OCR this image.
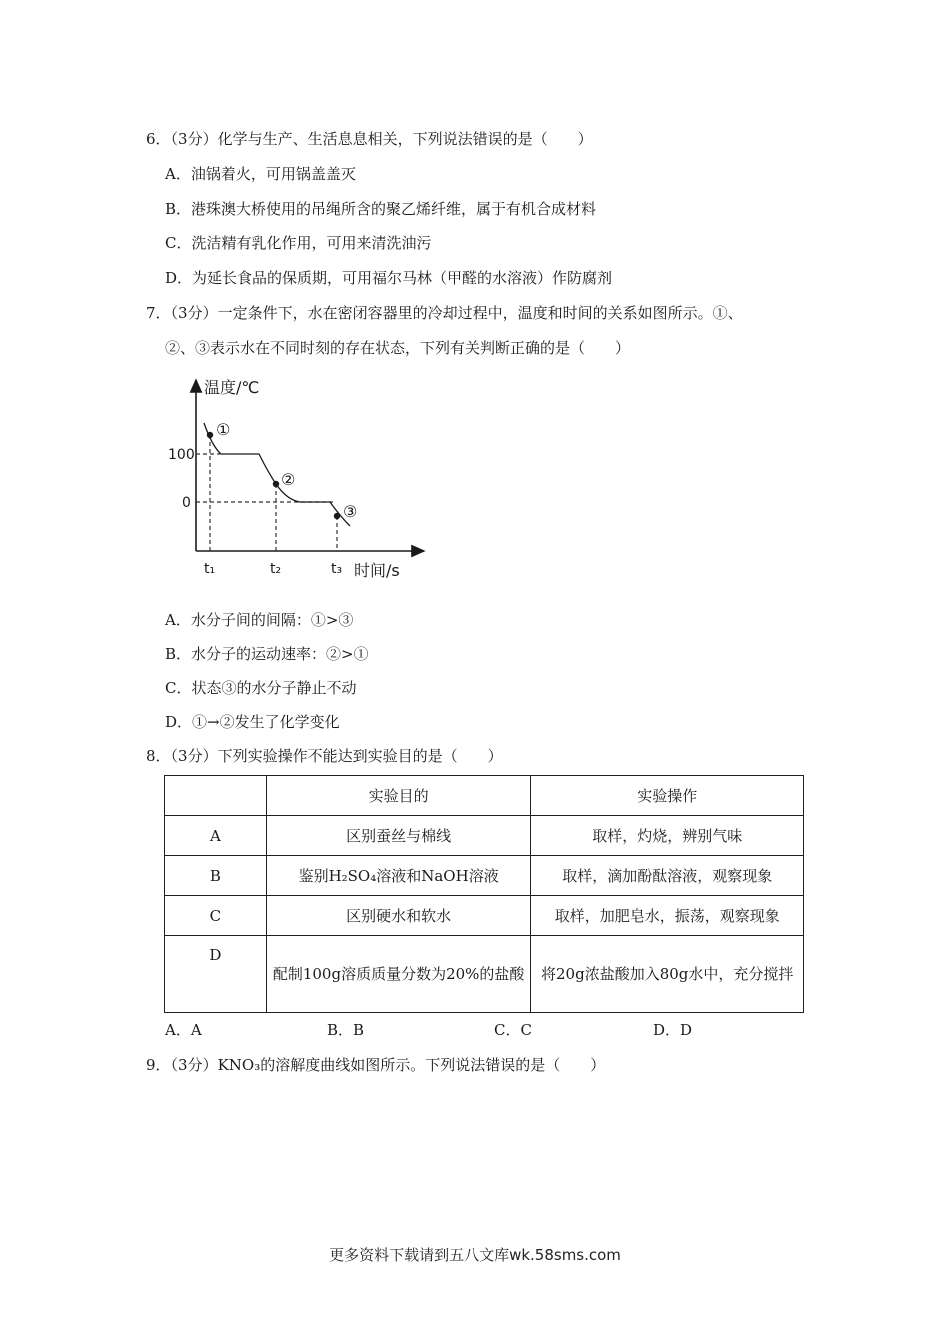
6．（3分）化学与生产、生活息息相关，下列说法错误的是（　　）
A．油锅着火，可用锅盖盖灭
B．港珠澳大桥使用的吊绳所含的聚乙烯纤维，属于有机合成材料
C．洗洁精有乳化作用，可用来清洗油污
D．为延长食品的保质期，可用福尔马林（甲醛的水溶液）作防腐剂
7．（3分）一定条件下，水在密闭容器里的冷却过程中，温度和时间的关系如图所示。①、
②、③表示水在不同时刻的存在状态，下列有关判断正确的是（　　）
①
②
③
温度/℃
时间/s
100
0
t₁	t₂	t₃
A．水分子间的间隔：①>③
B．水分子的运动速率：②>①
C．状态③的水分子静止不动
D．①→②发生了化学变化
8．（3分）下列实验操作不能达到实验目的是（　　）
	实验目的	实验操作
A	区别蚕丝与棉线	取样，灼烧，辨别气味
B	鉴别H₂SO₄溶液和NaOH溶液	取样，滴加酚酞溶液，观察现象
C	区别硬水和软水	取样，加肥皂水，振荡，观察现象
D	配制100g溶质质量分数为20%的盐酸	将20g浓盐酸加入80g水中，充分搅拌
A．A	B．B	C．C	D．D
9．（3分）KNO₃的溶解度曲线如图所示。下列说法错误的是（　　）
更多资料下载请到五八文库wk.58sms.com
